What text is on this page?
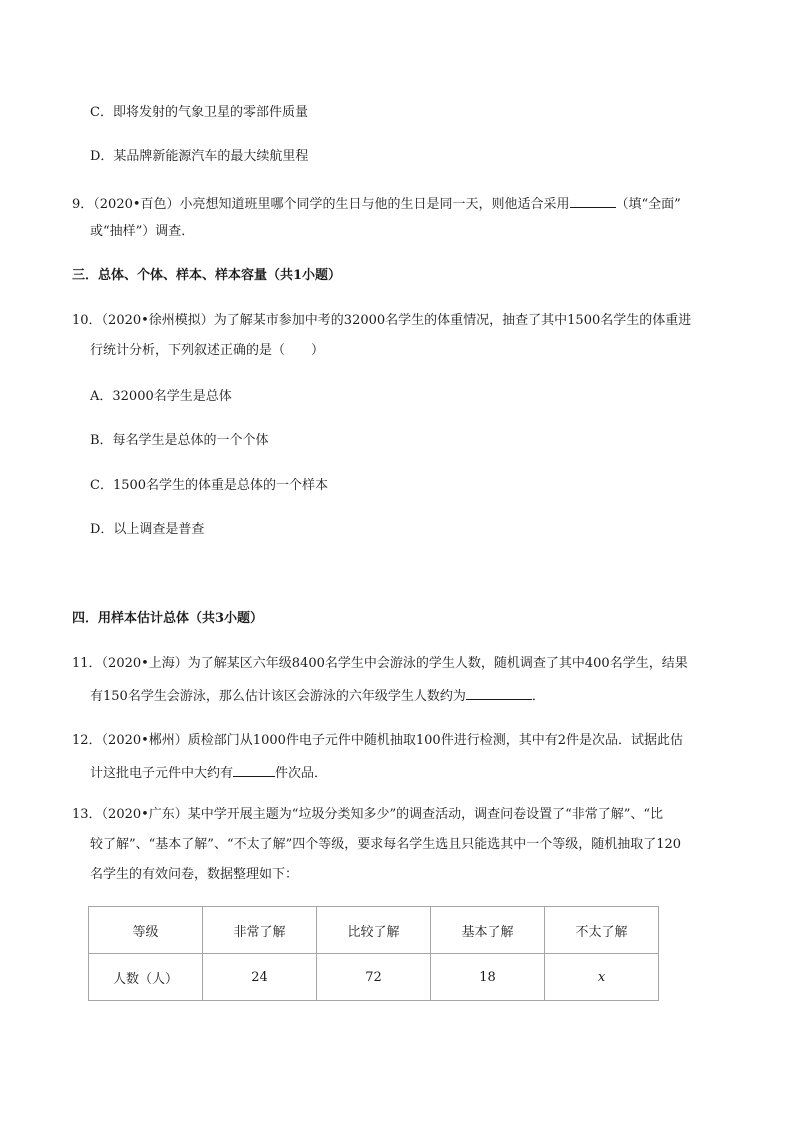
C．即将发射的气象卫星的零部件质量
D．某品牌新能源汽车的最大续航里程
9．（2020•百色）小亮想知道班里哪个同学的生日与他的生日是同一天，则他适合采用	（填“全面”
或“抽样”）调查．
三．总体、个体、样本、样本容量（共1小题）
10．（2020•徐州模拟）为了解某市参加中考的32000名学生的体重情况，抽查了其中1500名学生的体重进
行统计分析，下列叙述正确的是（　　）
A．32000名学生是总体
B．每名学生是总体的一个个体
C．1500名学生的体重是总体的一个样本
D．以上调查是普查
四．用样本估计总体（共3小题）
11．（2020•上海）为了解某区六年级8400名学生中会游泳的学生人数，随机调查了其中400名学生，结果
有150名学生会游泳，那么估计该区会游泳的六年级学生人数约为	．
12．（2020•郴州）质检部门从1000件电子元件中随机抽取100件进行检测，其中有2件是次品．试据此估
计这批电子元件中大约有	件次品．
13．（2020•广东）某中学开展主题为“垃圾分类知多少”的调查活动，调查问卷设置了“非常了解”、“比
较了解”、“基本了解”、“不太了解”四个等级，要求每名学生选且只能选其中一个等级，随机抽取了120
名学生的有效问卷，数据整理如下：
等级	非常了解	比较了解	基本了解	不太了解
人数（人）	24	72	18	x
